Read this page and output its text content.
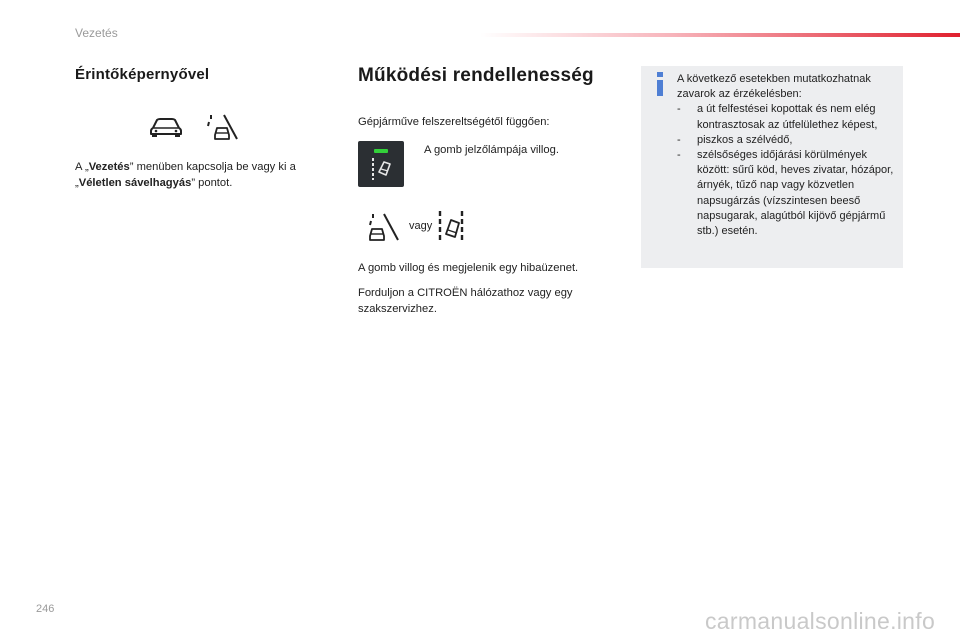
Vezetés
Érintőképernyővel
A „Vezetés” menüben kapcsolja be vagy ki a „Véletlen sávelhagyás” pontot.
Működési rendellenesség
Gépjárműve felszereltségétől függően:
A gomb jelzőlámpája villog.
vagy
A gomb villog és megjelenik egy hibaüzenet.
Forduljon a CITROËN hálózathoz vagy egy szakszervizhez.
A következő esetekben mutatkozhatnak zavarok az érzékelésben:
- a út felfestései kopottak és nem elég kontrasztosak az útfelülethez képest,
- piszkos a szélvédő,
- szélsőséges időjárási körülmények között: sűrű köd, heves zivatar, hózápor, árnyék, tűző nap vagy közvetlen napsugárzás (vízszintesen beeső napsugarak, alagútból kijövő gépjármű stb.) esetén.
246	carmanualsonline.info
